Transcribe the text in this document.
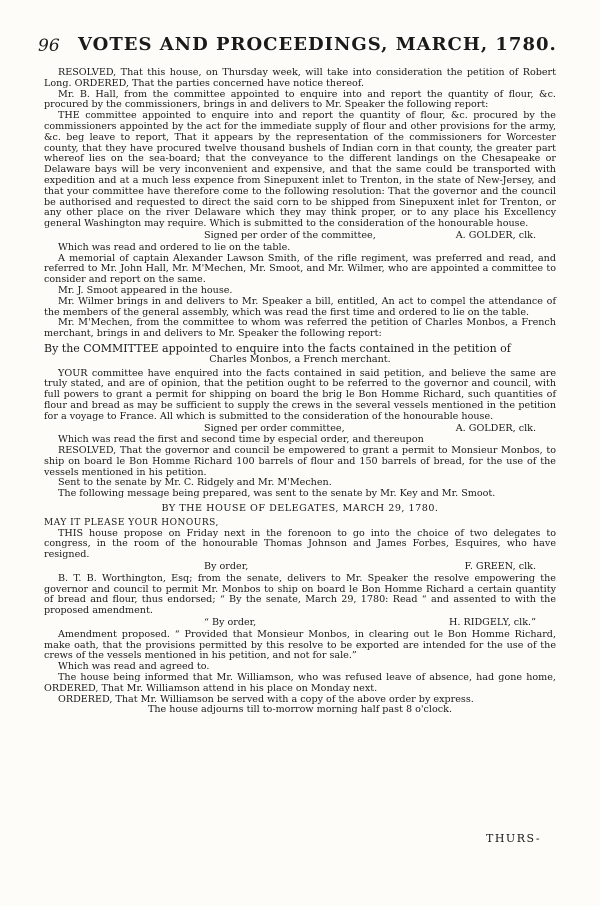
96 VOTES AND PROCEEDINGS, MARCH, 1780.

RESOLVED, That this house, on Thursday week, will take into consideration the petition of Robert Long. ORDERED, That the parties concerned have notice thereof.

Mr. B. Hall, from the committee appointed to enquire into and report the quantity of flour, &c. procured by the commissioners, brings in and delivers to Mr. Speaker the following report:

THE committee appointed to enquire into and report the quantity of flour, &c. procured by the commissioners appointed by the act for the immediate supply of flour and other provisions for the army, &c. beg leave to report, That it appears by the representation of the commissioners for Worcester county, that they have procured twelve thousand bushels of Indian corn in that county, the greater part whereof lies on the sea-board; that the conveyance to the different landings on the Chesapeake or Delaware bays will be very inconvenient and expensive, and that the same could be transported with expedition and at a much less expence from Sinepuxent inlet to Trenton, in the state of New-Jersey, and that your committee have therefore come to the following resolution: That the governor and the council be authorised and requested to direct the said corn to be shipped from Sinepuxent inlet for Trenton, or any other place on the river Delaware which they may think proper, or to any place his Excellency general Washington may require. Which is submitted to the consideration of the honourable house.

Signed per order of the committee,	A. GOLDER, clk.

Which was read and ordered to lie on the table.

A memorial of captain Alexander Lawson Smith, of the rifle regiment, was preferred and read, and referred to Mr. John Hall, Mr. M'Mechen, Mr. Smoot, and Mr. Wilmer, who are appointed a committee to consider and report on the same.

Mr. J. Smoot appeared in the house.

Mr. Wilmer brings in and delivers to Mr. Speaker a bill, entitled, An act to compel the attendance of the members of the general assembly, which was read the first time and ordered to lie on the table.

Mr. M'Mechen, from the committee to whom was referred the petition of Charles Monbos, a French merchant, brings in and delivers to Mr. Speaker the following report:

By the COMMITTEE appointed to enquire into the facts contained in the petition of
Charles Monbos, a French merchant.

YOUR committee have enquired into the facts contained in said petition, and believe the same are truly stated, and are of opinion, that the petition ought to be referred to the governor and council, with full powers to grant a permit for shipping on board the brig le Bon Homme Richard, such quantities of flour and bread as may be sufficient to supply the crews in the several vessels mentioned in the petition for a voyage to France. All which is submitted to the consideration of the honourable house.

Signed per order committee,	A. GOLDER, clk.

Which was read the first and second time by especial order, and thereupon

RESOLVED, That the governor and council be empowered to grant a permit to Monsieur Monbos, to ship on board le Bon Homme Richard 100 barrels of flour and 150 barrels of bread, for the use of the vessels mentioned in his petition.

Sent to the senate by Mr. C. Ridgely and Mr. M'Mechen.

The following message being prepared, was sent to the senate by Mr. Key and Mr. Smoot.

BY THE HOUSE OF DELEGATES, MARCH 29, 1780.
MAY IT PLEASE YOUR HONOURS,

THIS house propose on Friday next in the forenoon to go into the choice of two delegates to congress, in the room of the honourable Thomas Johnson and James Forbes, Esquires, who have resigned.

By order,	F. GREEN, clk.

B. T. B. Worthington, Esq; from the senate, delivers to Mr. Speaker the resolve empowering the governor and council to permit Mr. Monbos to ship on board le Bon Homme Richard a certain quantity of bread and flour, thus endorsed; “ By the senate, March 29, 1780: Read “ and assented to with the proposed amendment.

“ By order,	H. RIDGELY, clk.”

Amendment proposed. “ Provided that Monsieur Monbos, in clearing out le Bon Homme Richard, make oath, that the provisions permitted by this resolve to be exported are intended for the use of the crews of the vessels mentioned in his petition, and not for sale.”

Which was read and agreed to.

The house being informed that Mr. Williamson, who was refused leave of absence, had gone home, ORDERED, That Mr. Williamson attend in his place on Monday next.

ORDERED, That Mr. Williamson be served with a copy of the above order by express.

The house adjourns till to-morrow morning half past 8 o'clock.
THURS-
